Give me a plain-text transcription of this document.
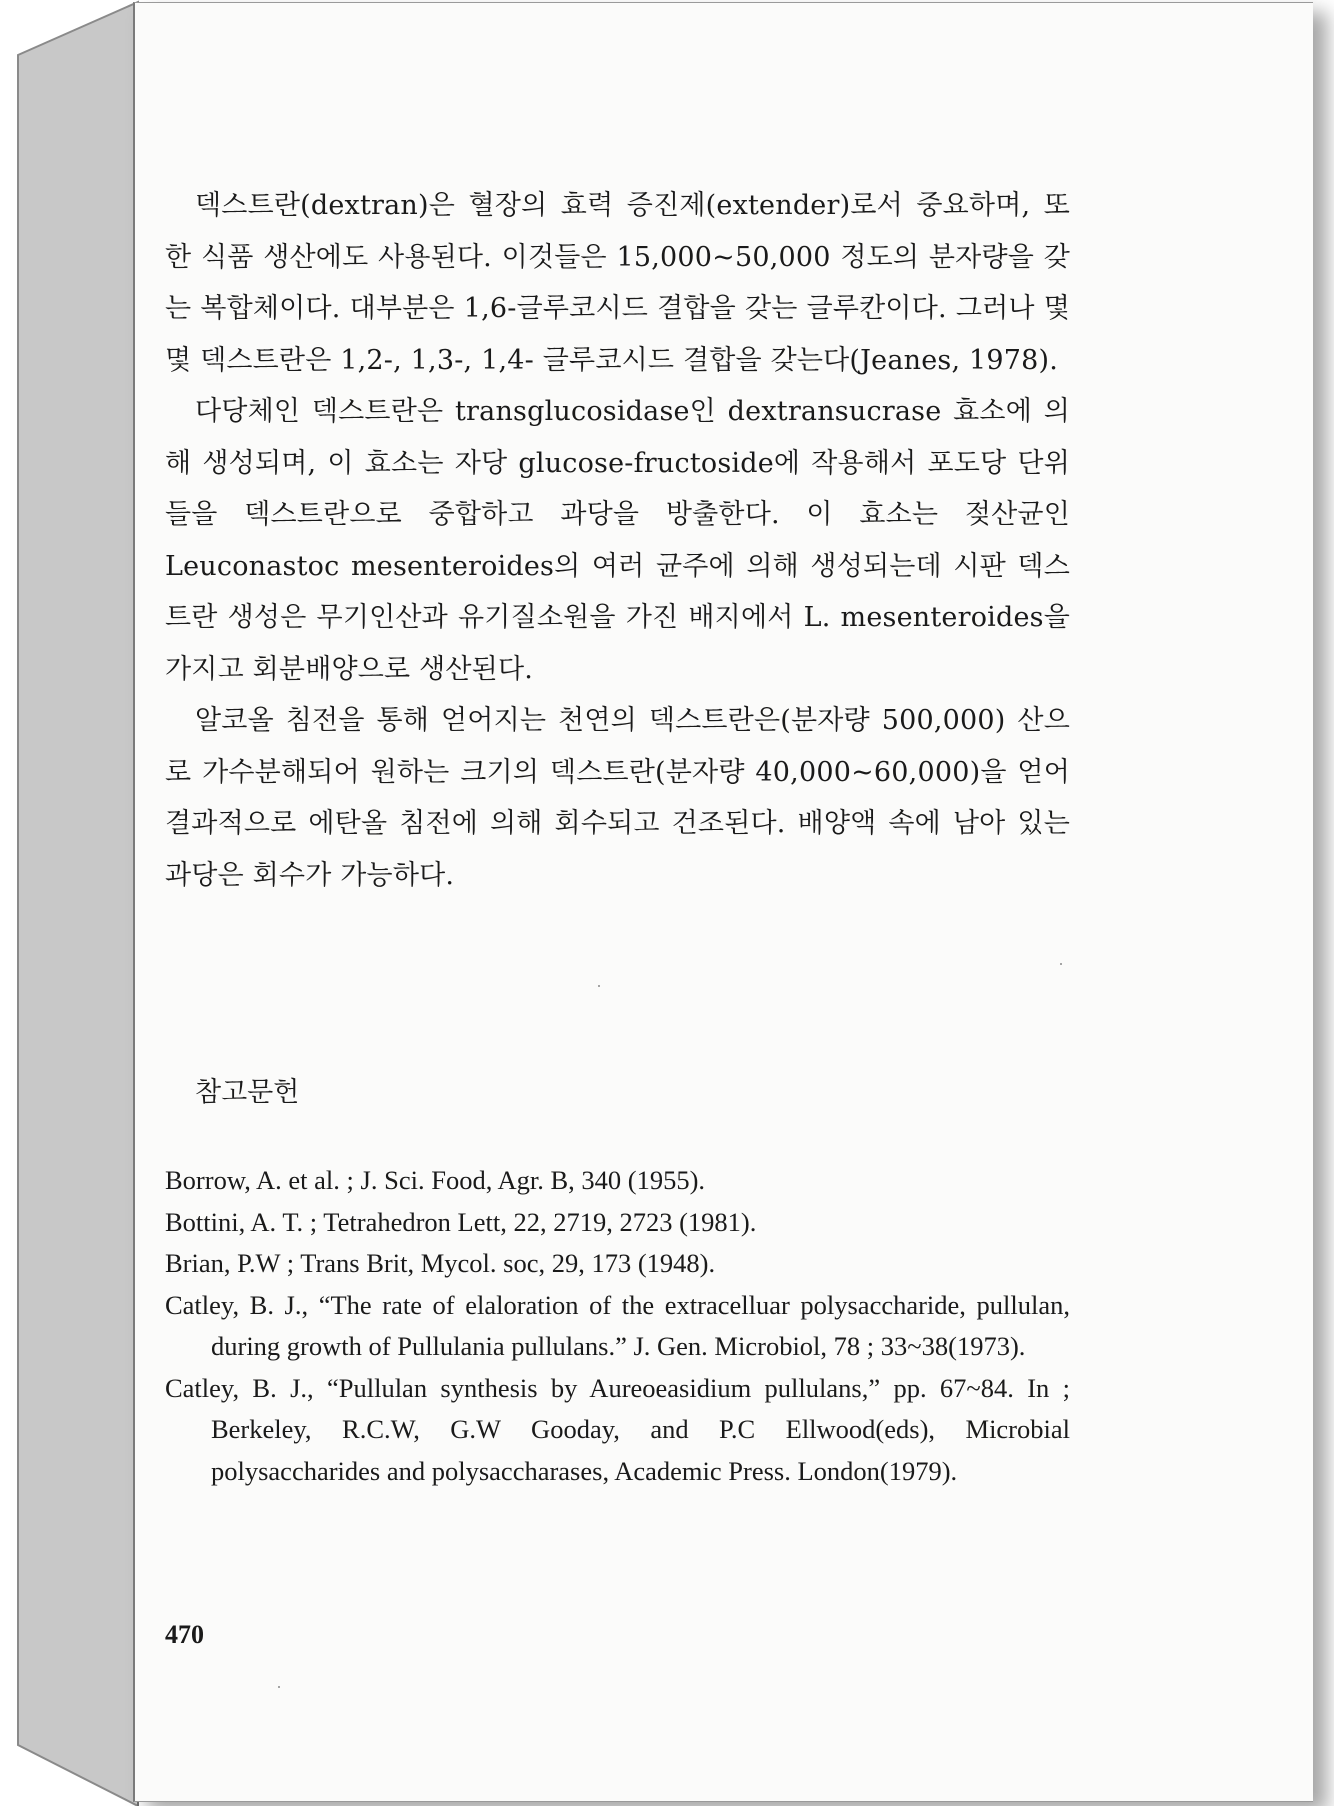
덱스트란(dextran)은 혈장의 효력 증진제(extender)로서 중요하며, 또한 식품 생산에도 사용된다. 이것들은 15,000~50,000 정도의 분자량을 갖는 복합체이다. 대부분은 1,6-글루코시드 결합을 갖는 글루칸이다. 그러나 몇몇 덱스트란은 1,2-, 1,3-, 1,4- 글루코시드 결합을 갖는다(Jeanes, 1978).

다당체인 덱스트란은 transglucosidase인 dextransucrase 효소에 의해 생성되며, 이 효소는 자당 glucose-fructoside에 작용해서 포도당 단위들을 덱스트란으로 중합하고 과당을 방출한다. 이 효소는 젖산균인 Leuconastoc mesenteroides의 여러 균주에 의해 생성되는데 시판 덱스트란 생성은 무기인산과 유기질소원을 가진 배지에서 L. mesenteroides을 가지고 회분배양으로 생산된다.

알코올 침전을 통해 얻어지는 천연의 덱스트란은(분자량 500,000) 산으로 가수분해되어 원하는 크기의 덱스트란(분자량 40,000~60,000)을 얻어 결과적으로 에탄올 침전에 의해 회수되고 건조된다. 배양액 속에 남아 있는 과당은 회수가 가능하다.

참고문헌
Borrow, A. et al. ; J. Sci. Food, Agr. B, 340 (1955).
Bottini, A. T. ; Tetrahedron Lett, 22, 2719, 2723 (1981).
Brian, P.W ; Trans Brit, Mycol. soc, 29, 173 (1948).
Catley, B. J., “The rate of elaloration of the extracelluar polysaccharide, pullulan, during growth of Pullulania pullulans.” J. Gen. Microbiol, 78 ; 33~38(1973).
Catley, B. J., “Pullulan synthesis by Aureoeasidium pullulans,” pp. 67~84. In ; Berkeley, R.C.W, G.W Gooday, and P.C Ellwood(eds), Microbial polysaccharides and polysaccharases, Academic Press. London(1979).
470
